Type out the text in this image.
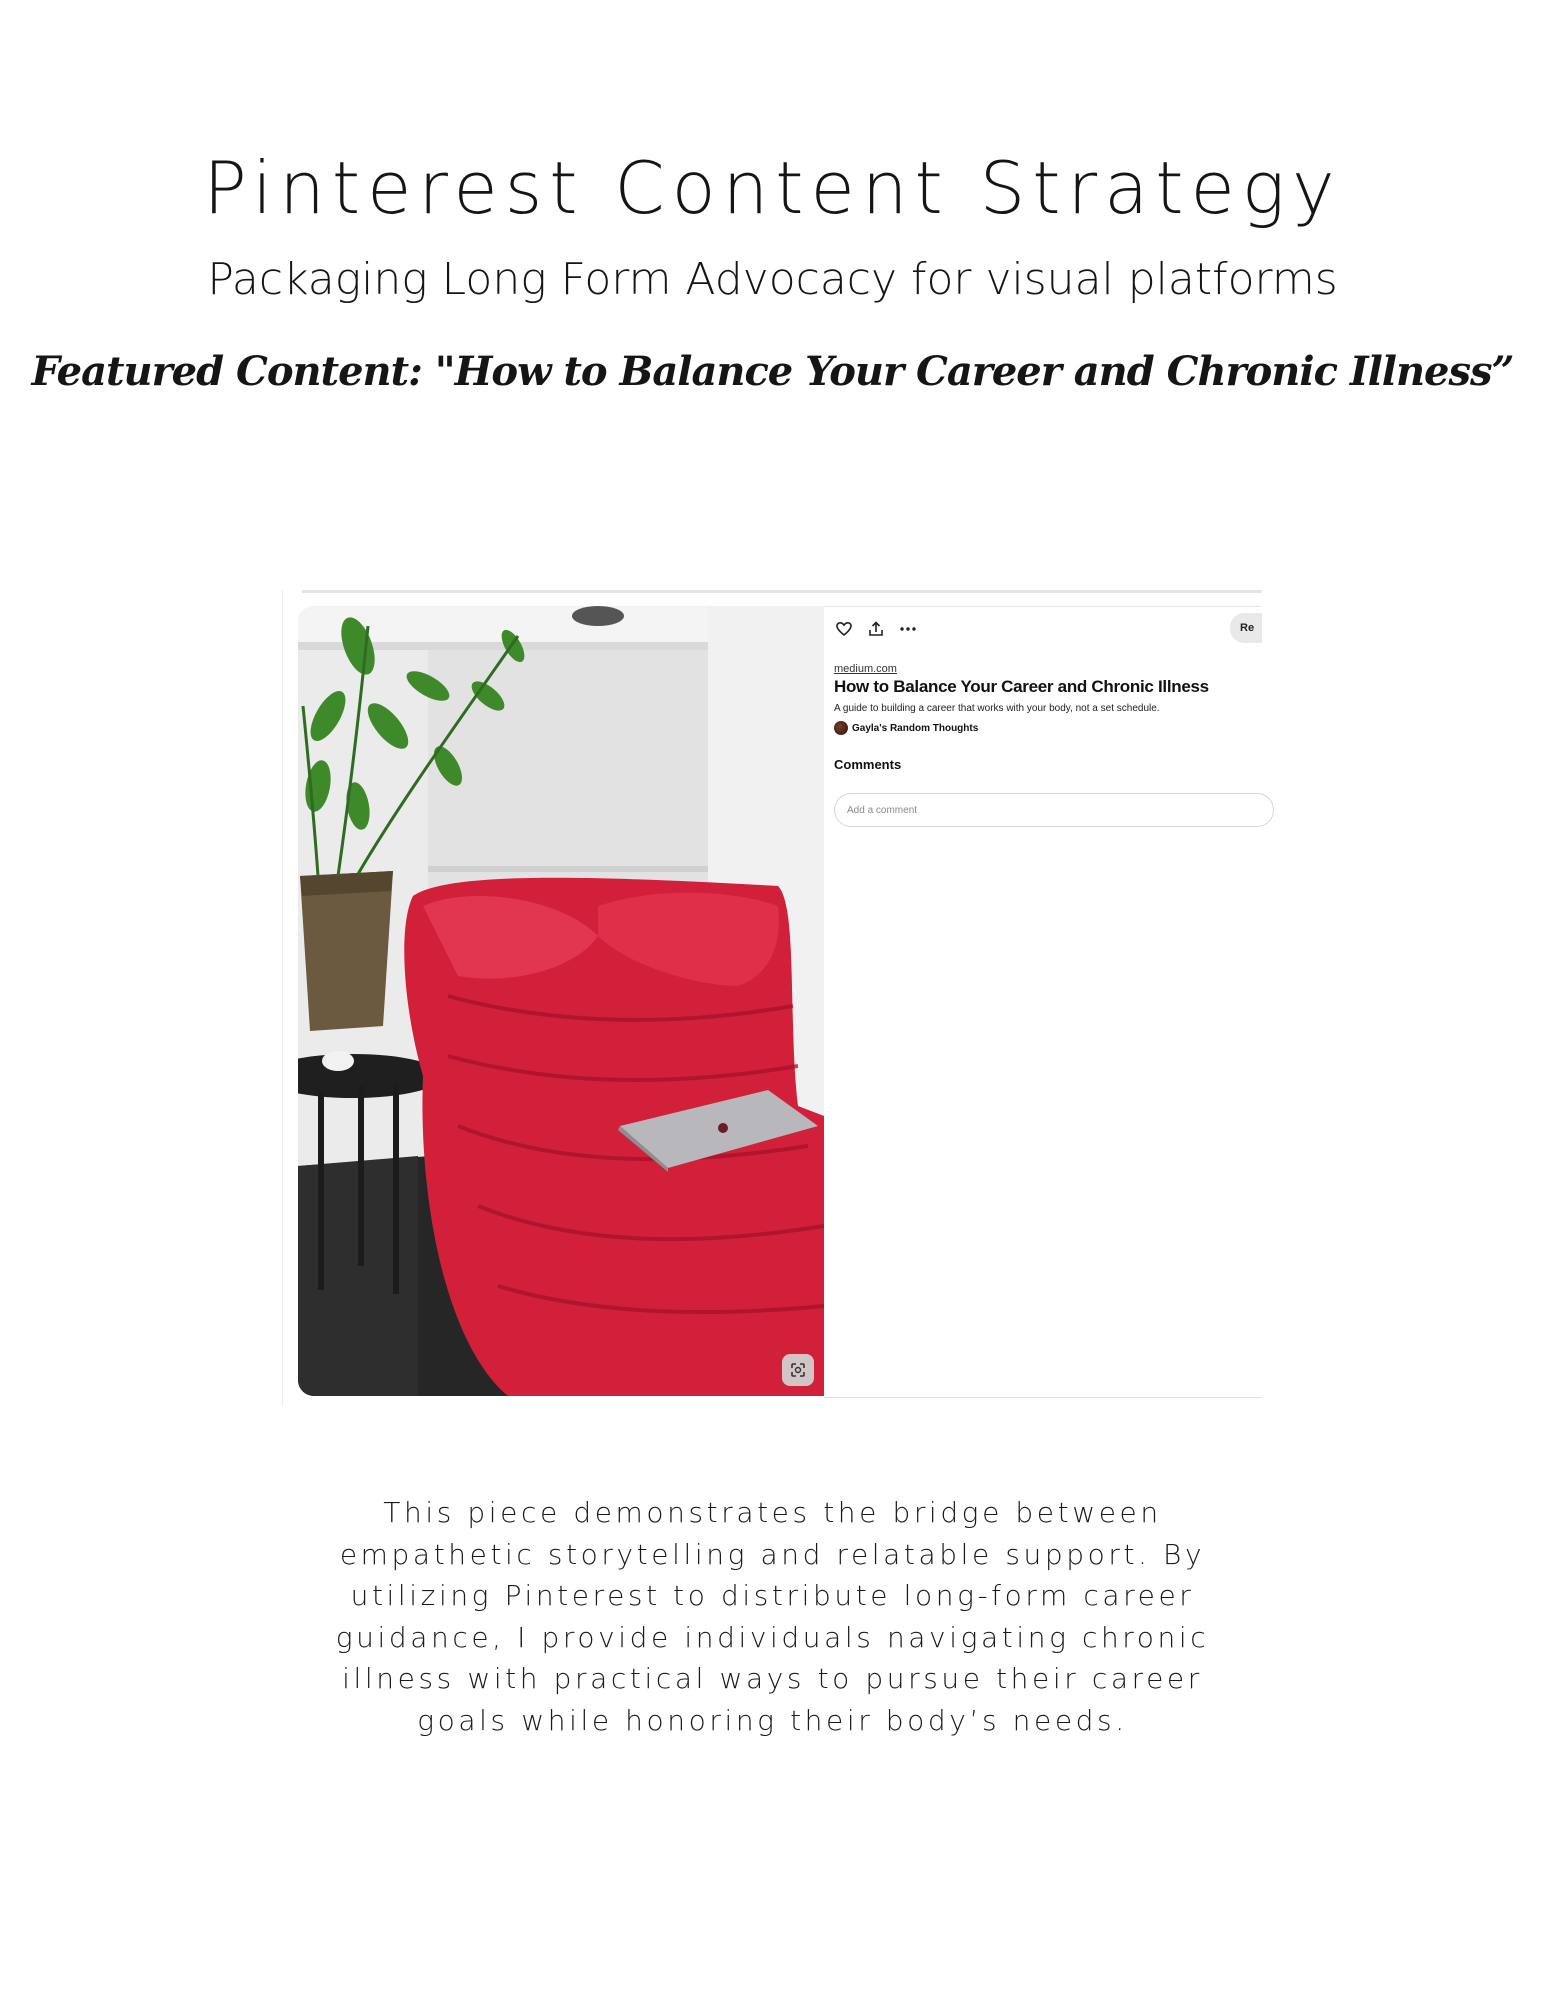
Pinterest Content Strategy
Packaging Long Form Advocacy for visual platforms
Featured Content: "How to Balance Your Career and Chronic Illness”
Re
medium.com
How to Balance Your Career and Chronic Illness
A guide to building a career that works with your body, not a set schedule.
Gayla's Random Thoughts
Comments
Add a comment

This piece demonstrates the bridge between empathetic storytelling and relatable support. By utilizing Pinterest to distribute long-form career guidance, I provide individuals navigating chronic illness with practical ways to pursue their career goals while honoring their body’s needs.
